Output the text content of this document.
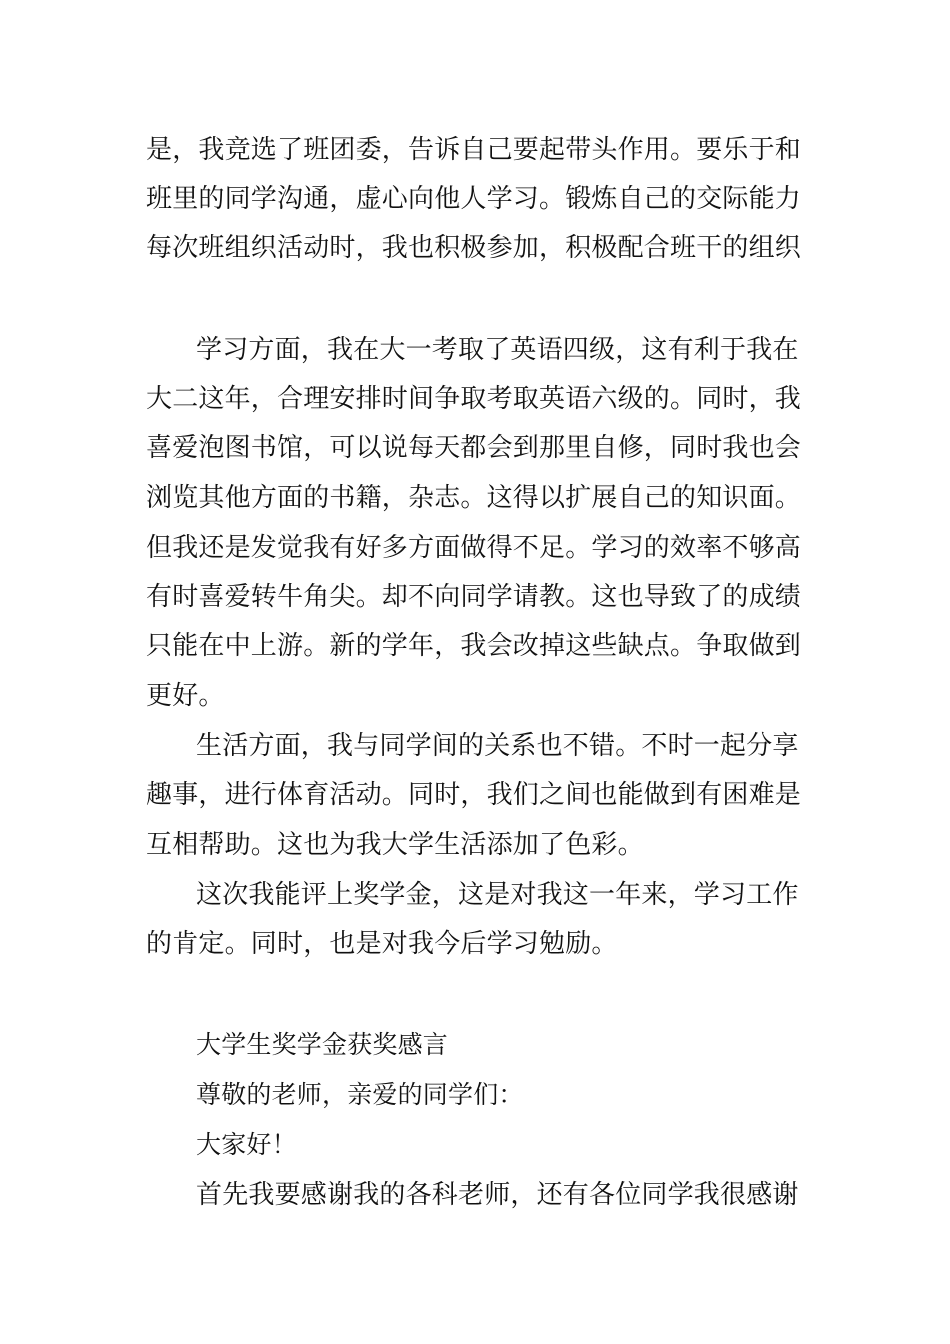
是，我竞选了班团委，告诉自己要起带头作用。要乐于和

班里的同学沟通，虚心向他人学习。锻炼自己的交际能力

每次班组织活动时，我也积极参加，积极配合班干的组织

学习方面，我在大一考取了英语四级，这有利于我在

大二这年，合理安排时间争取考取英语六级的。同时，我

喜爱泡图书馆，可以说每天都会到那里自修，同时我也会

浏览其他方面的书籍，杂志。这得以扩展自己的知识面。

但我还是发觉我有好多方面做得不足。学习的效率不够高

有时喜爱转牛角尖。却不向同学请教。这也导致了的成绩

只能在中上游。新的学年，我会改掉这些缺点。争取做到

更好。

生活方面，我与同学间的关系也不错。不时一起分享

趣事，进行体育活动。同时，我们之间也能做到有困难是

互相帮助。这也为我大学生活添加了色彩。

这次我能评上奖学金，这是对我这一年来，学习工作

的肯定。同时，也是对我今后学习勉励。

大学生奖学金获奖感言

尊敬的老师，亲爱的同学们：

大家好！

首先我要感谢我的各科老师，还有各位同学我很感谢
